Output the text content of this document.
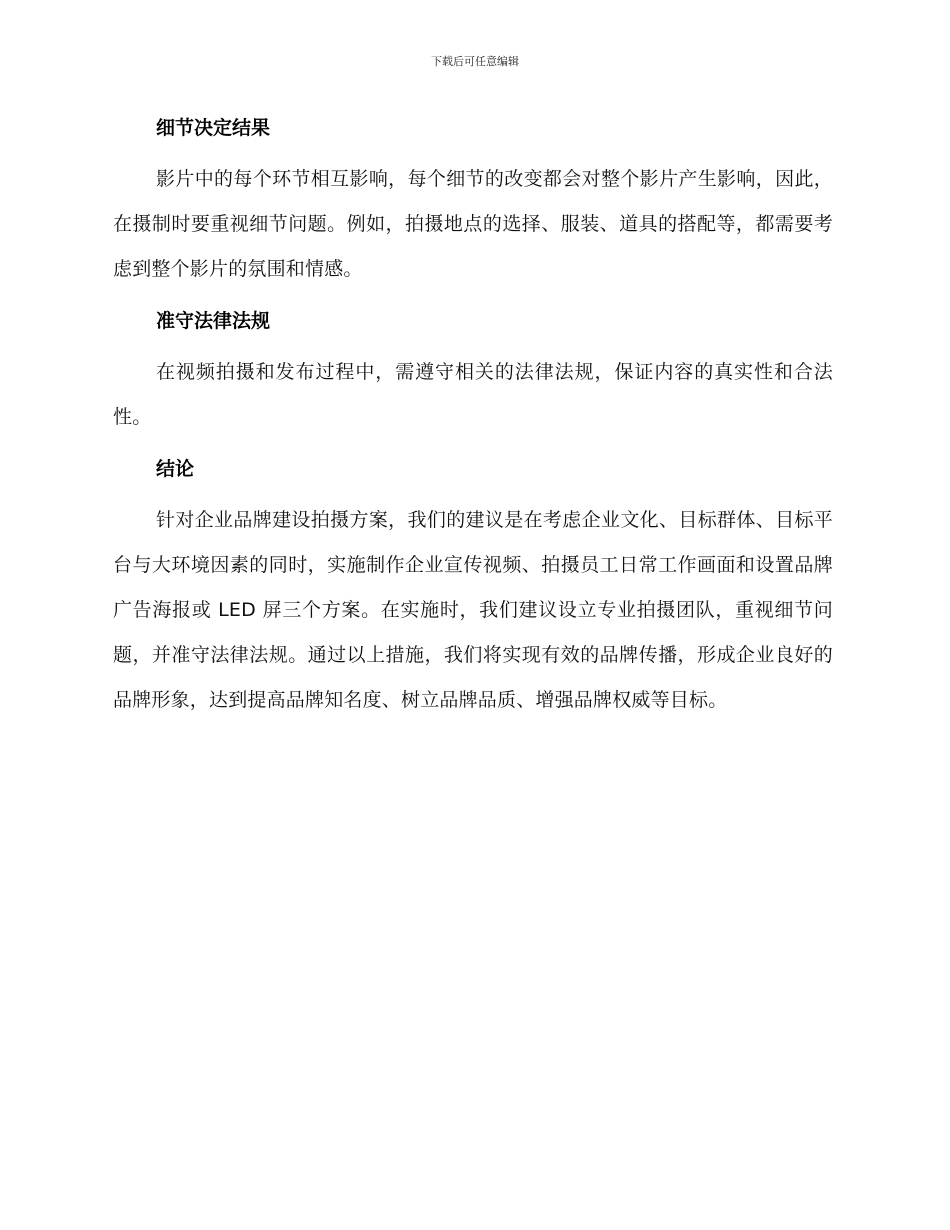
下载后可任意编辑
细节决定结果

影片中的每个环节相互影响，每个细节的改变都会对整个影片产生影响，因此，在摄制时要重视细节问题。例如，拍摄地点的选择、服装、道具的搭配等，都需要考虑到整个影片的氛围和情感。

准守法律法规

在视频拍摄和发布过程中，需遵守相关的法律法规，保证内容的真实性和合法性。

结论

针对企业品牌建设拍摄方案，我们的建议是在考虑企业文化、目标群体、目标平台与大环境因素的同时，实施制作企业宣传视频、拍摄员工日常工作画面和设置品牌广告海报或 LED 屏三个方案。在实施时，我们建议设立专业拍摄团队，重视细节问题，并准守法律法规。通过以上措施，我们将实现有效的品牌传播，形成企业良好的品牌形象，达到提高品牌知名度、树立品牌品质、增强品牌权威等目标。
